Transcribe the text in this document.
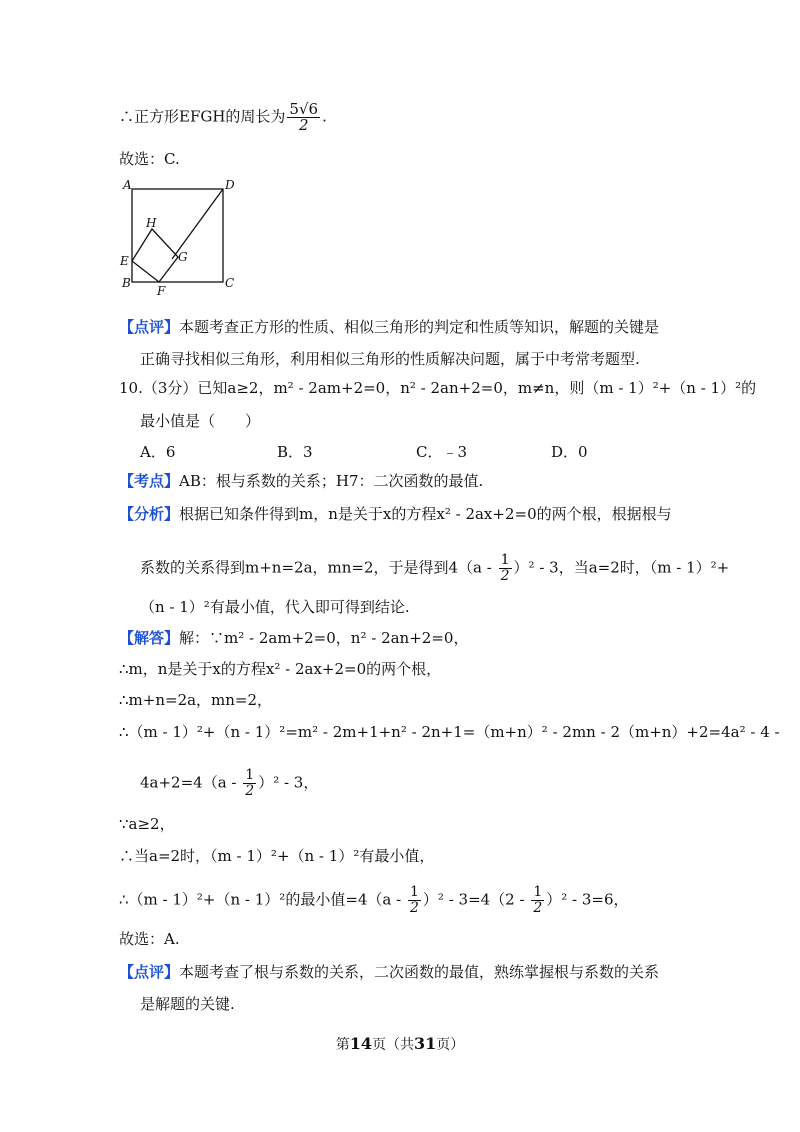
∴正方形EFGH的周长为 $\frac{5√6}{2}$ .
故选：C.
A	D
H
E	G
B
F
C
【点评】本题考查正方形的性质、相似三角形的判定和性质等知识，解题的关键是
正确寻找相似三角形，利用相似三角形的性质解决问题，属于中考常考题型.
10.（3分）已知a≥2，m² - 2am+2=0，n² - 2an+2=0，m≠n，则（m - 1）²+（n - 1）²的
最小值是（　　）
A．6	B．3	C．﹣3	D．0
【考点】AB：根与系数的关系；H7：二次函数的最值.
【分析】根据已知条件得到m，n是关于x的方程x² - 2ax+2=0的两个根，根据根与
系数的关系得到m+n=2a，mn=2，于是得到$4(a - \frac{1}{2} )^2 - 3$，当a=2时，（m - 1）²+
（n - 1）²有最小值，代入即可得到结论.
【解答】解：∵m² - 2am+2=0，n² - 2an+2=0，
∴m，n是关于x的方程x² - 2ax+2=0的两个根，
∴m+n=2a，mn=2，
∴（m - 1）²+（n - 1）²=m² - 2m+1+n² - 2n+1=（m+n）² - 2mn - 2（m+n）+2=4a² - 4 -
$4a+2=4(a - \frac{1}{2} )^2 - 3$，
∵a≥2，
∴当a=2时，（m - 1）²+（n - 1）²有最小值，
∴（m - 1）²+（n - 1）²的最小值$=4(a - \frac{1}{2} )^2 - 3=4(2 - \frac{1}{2} )^2 - 3=6$，
故选：A.
【点评】本题考查了根与系数的关系，二次函数的最值，熟练掌握根与系数的关系
是解题的关键.
第14页（共31页）
